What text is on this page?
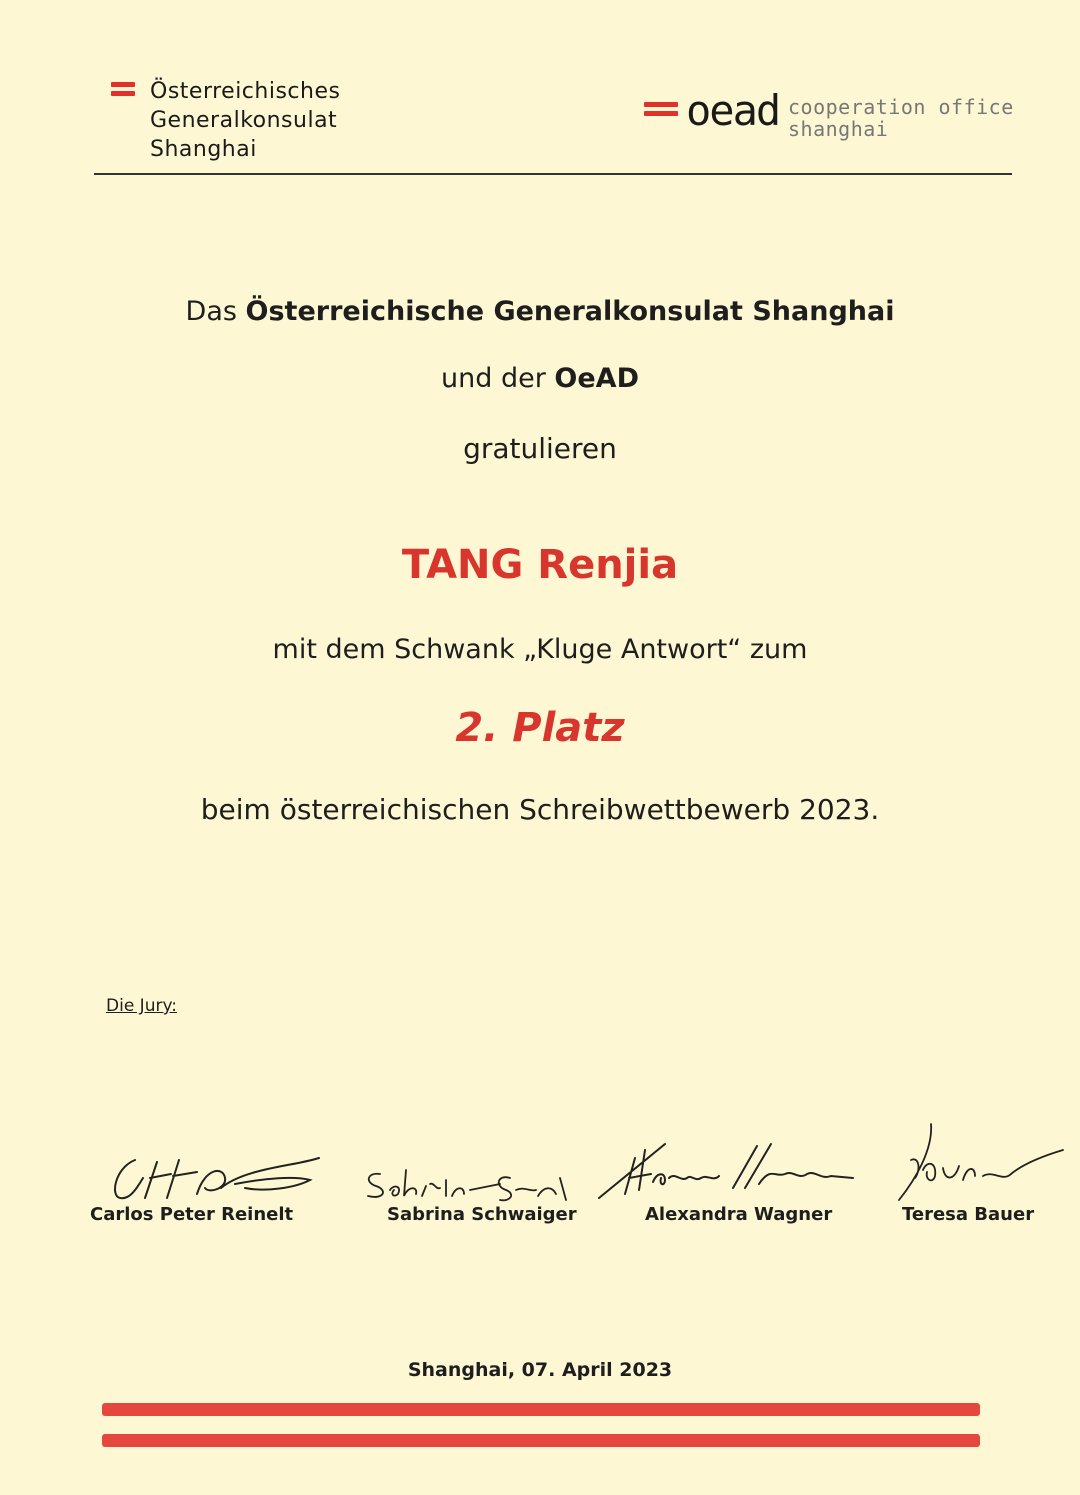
Österreichisches
Generalkonsulat
Shanghai
oead cooperation office
shanghai
Das Österreichische Generalkonsulat Shanghai
und der OeAD
gratulieren
TANG Renjia
mit dem Schwank „Kluge Antwort“ zum
2. Platz
beim österreichischen Schreibwettbewerb 2023.
Die Jury:
Carlos Peter Reinelt	Sabrina Schwaiger	Alexandra Wagner	Teresa Bauer
Shanghai, 07. April 2023
